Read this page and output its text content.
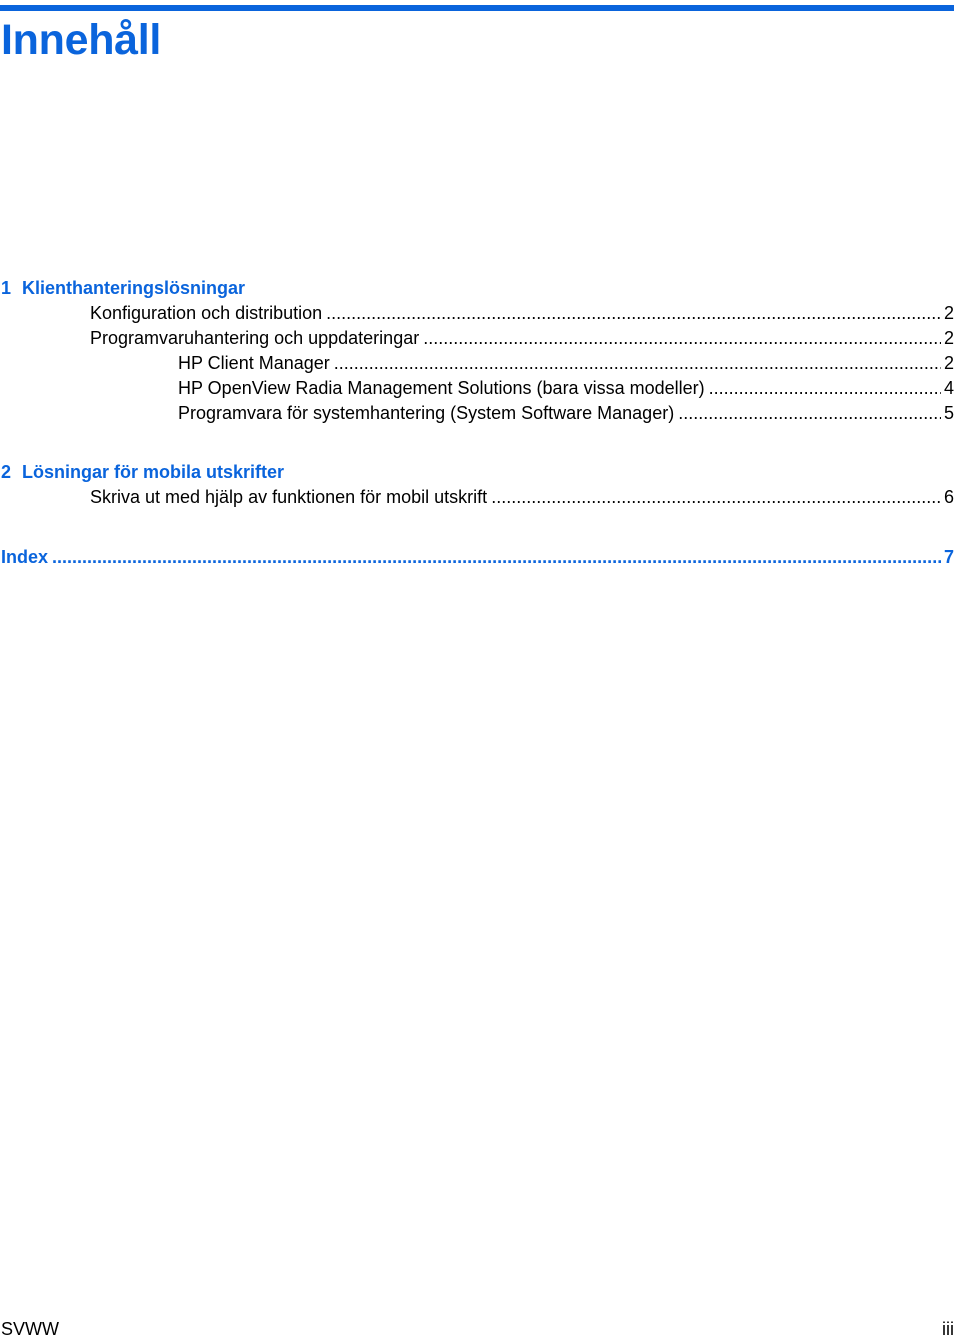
Innehåll
1 Klienthanteringslösningar
Konfiguration och distribution .....	2
Programvaruhantering och uppdateringar .....	2
HP Client Manager .....	2
HP OpenView Radia Management Solutions (bara vissa modeller) .....	4
Programvara för systemhantering (System Software Manager) .....	5
2 Lösningar för mobila utskrifter
Skriva ut med hjälp av funktionen för mobil utskrift .....	6
Index .....	7
SVWW	iii
